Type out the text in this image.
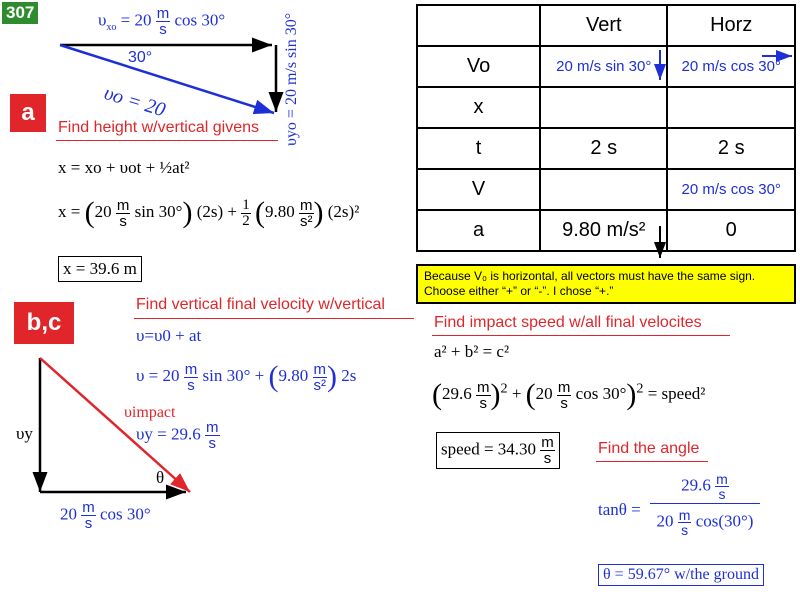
307	$\upsilon_{xo} = 20 \frac{m}{s}$ cos 30°
30°
υo = 20	υyo = 20 m/s sin 30°
a
Find height w/vertical givens
x = xo + υot + ½at²
$x = (20 \frac{m}{s}$ sin 30°) $(2s) + \frac{1}{2} (9.80 \frac{m}{\text{s²}}$ ) (2s)²
x = 39.6 m
b,c
Find vertical final velocity w/vertical
υ=υ0 + at
$\upsilon = 20 \frac{m}{s}$ $\sin 30^\circ + (9.80 \frac{m}{\text{s²}}$ ) 2s
υimpact
$\upsilon y = 29.6 \frac{m}{s}$
υy
θ
$20 \frac{m}{s}$ cos 30°
	Vert	Horz
Vo	20 m/s sin 30°	20 m/s cos 30°
x		
t	2 s	2 s
V		20 m/s cos 30°
a	9.80 m/s²	0
Because V₀ is horizontal, all vectors must have the same sign. Choose either “+” or “-”. I chose “+.”
Find impact speed w/all final velocites
a² + b² = c²
$(29.6 \frac{m}{s} )^2 + (20 \frac{m}{s}$ cos 30°)$^2$ = speed²
speed = $34.30 \frac{m}{s}$	Find the angle
tanθ =
$29.6 \frac{m}{s}$
$20 \frac{m}{s} \cos(30^\circ)$
θ = 59.67° w/the ground
